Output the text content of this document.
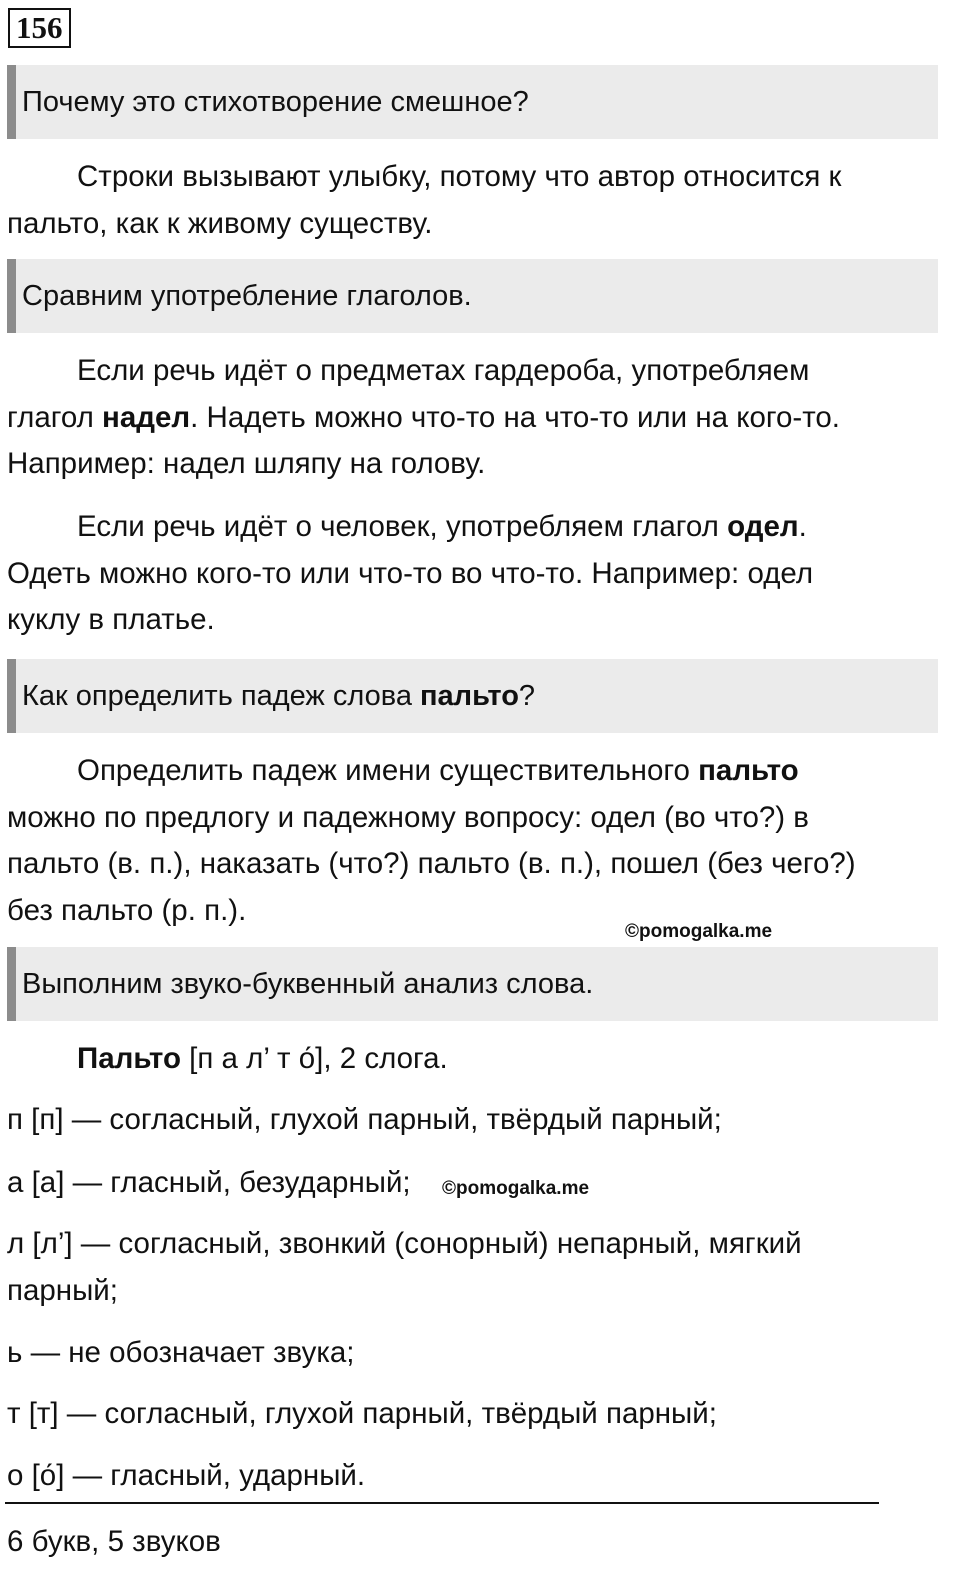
156
Почему это стихотворение смешное?

Строки вызывают улыбку, потому что автор относится к пальто, как к живому существу.

Сравним употребление глаголов.

Если речь идёт о предметах гардероба, употребляем глагол надел. Надеть можно что-то на что-то или на кого-то. Например: надел шляпу на голову.

Если речь идёт о человек, употребляем глагол одел. Одеть можно кого-то или что-то во что-то. Например: одел куклу в платье.

Как определить падеж слова пальто?

Определить падеж имени существительного пальто можно по предлогу и падежному вопросу: одел (во что?) в пальто (в. п.), наказать (что?) пальто (в. п.), пошел (без чего?) без пальто (р. п.).

©pomogalka.me
Выполним звуко-буквенный анализ слова.

Пальто [п а л’ т о́], 2 слога.

п [п] — согласный, глухой парный, твёрдый парный;

а [а] — гласный, безударный; ©pomogalka.me

л [л’] — согласный, звонкий (сонорный) непарный, мягкий парный;

ь — не обозначает звука;

т [т] — согласный, глухой парный, твёрдый парный;

о [о́] — гласный, ударный.

6 букв, 5 звуков
